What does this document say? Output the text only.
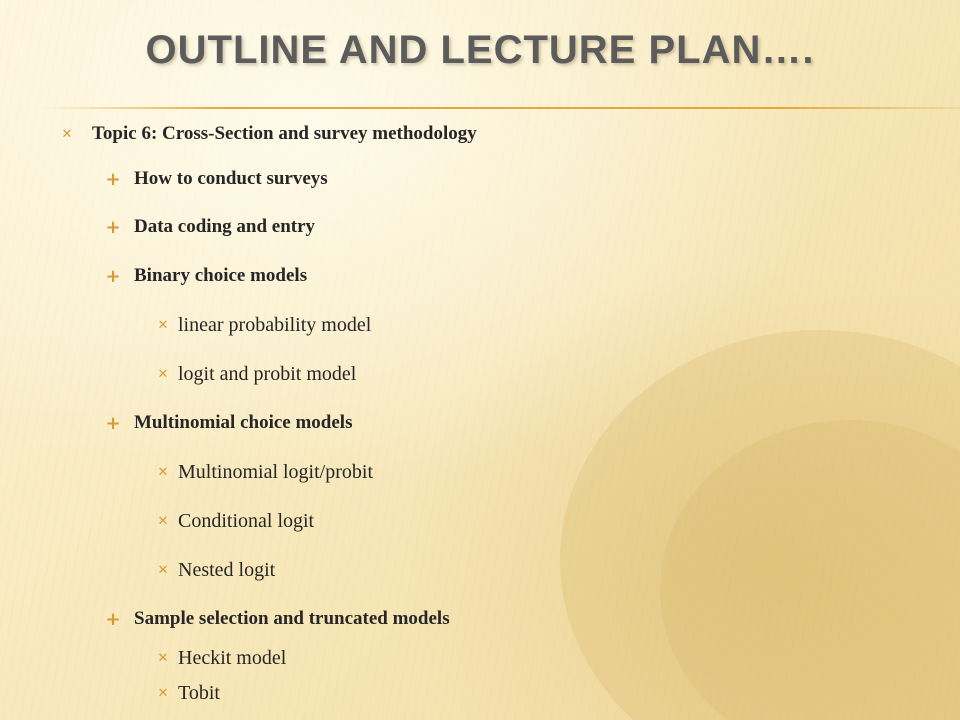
OUTLINE AND LECTURE PLAN….
✕ Topic 6: Cross-Section and survey methodology
+ How to conduct surveys
+ Data coding and entry
+ Binary choice models
✕ linear probability model
✕ logit and probit model
+ Multinomial choice models
✕ Multinomial logit/probit
✕ Conditional logit
✕ Nested logit
+ Sample selection and truncated models
✕ Heckit model
✕ Tobit
